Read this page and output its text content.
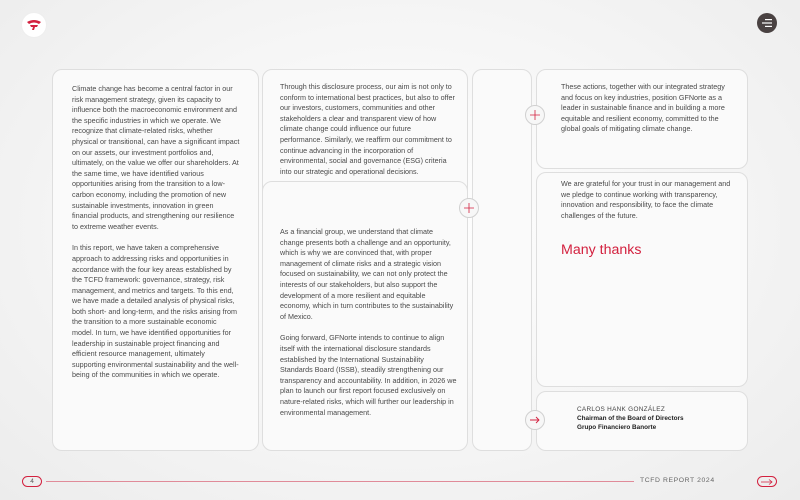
Climate change has become a central factor in our risk management strategy, given its capacity to influence both the macroeconomic environment and the specific industries in which we operate. We recognize that climate-related risks, whether physical or transitional, can have a significant impact on our assets, our investment portfolios and, ultimately, on the value we offer our shareholders. At the same time, we have identified various opportunities arising from the transition to a low-carbon economy, including the promotion of new sustainable investments, innovation in green financial products, and strengthening our resilience to extreme weather events.

In this report, we have taken a comprehensive approach to addressing risks and opportunities in accordance with the four key areas established by the TCFD framework: governance, strategy, risk management, and metrics and targets. To this end, we have made a detailed analysis of physical risks, both short- and long-term, and the risks arising from the transition to a more sustainable economic model. In turn, we have identified opportunities for leadership in sustainable project financing and efficient resource management, ultimately supporting environmental sustainability and the well-being of the communities in which we operate.

Through this disclosure process, our aim is not only to conform to international best practices, but also to offer our investors, customers, communities and other stakeholders a clear and transparent view of how climate change could influence our future performance. Similarly, we reaffirm our commitment to continue advancing in the incorporation of environmental, social and governance (ESG) criteria into our strategic and operational decisions.

As a financial group, we understand that climate change presents both a challenge and an opportunity, which is why we are convinced that, with proper management of climate risks and a strategic vision focused on sustainability, we can not only protect the interests of our stakeholders, but also support the development of a more resilient and equitable economy, which in turn contributes to the sustainability of Mexico.

Going forward, GFNorte intends to continue to align itself with the international disclosure standards established by the International Sustainability Standards Board (ISSB), steadily strengthening our transparency and accountability. In addition, in 2026 we plan to launch our first report focused exclusively on nature-related risks, which will further our leadership in environmental management.

These actions, together with our integrated strategy and focus on key industries, position GFNorte as a leader in sustainable finance and in building a more equitable and resilient economy, committed to the global goals of mitigating climate change.

We are grateful for your trust in our management and we pledge to continue working with transparency, innovation and responsibility, to face the climate challenges of the future.

Many thanks
CARLOS HANK GONZÁLEZ
Chairman of the Board of Directors
Grupo Financiero Banorte
4	TCFD REPORT 2024
